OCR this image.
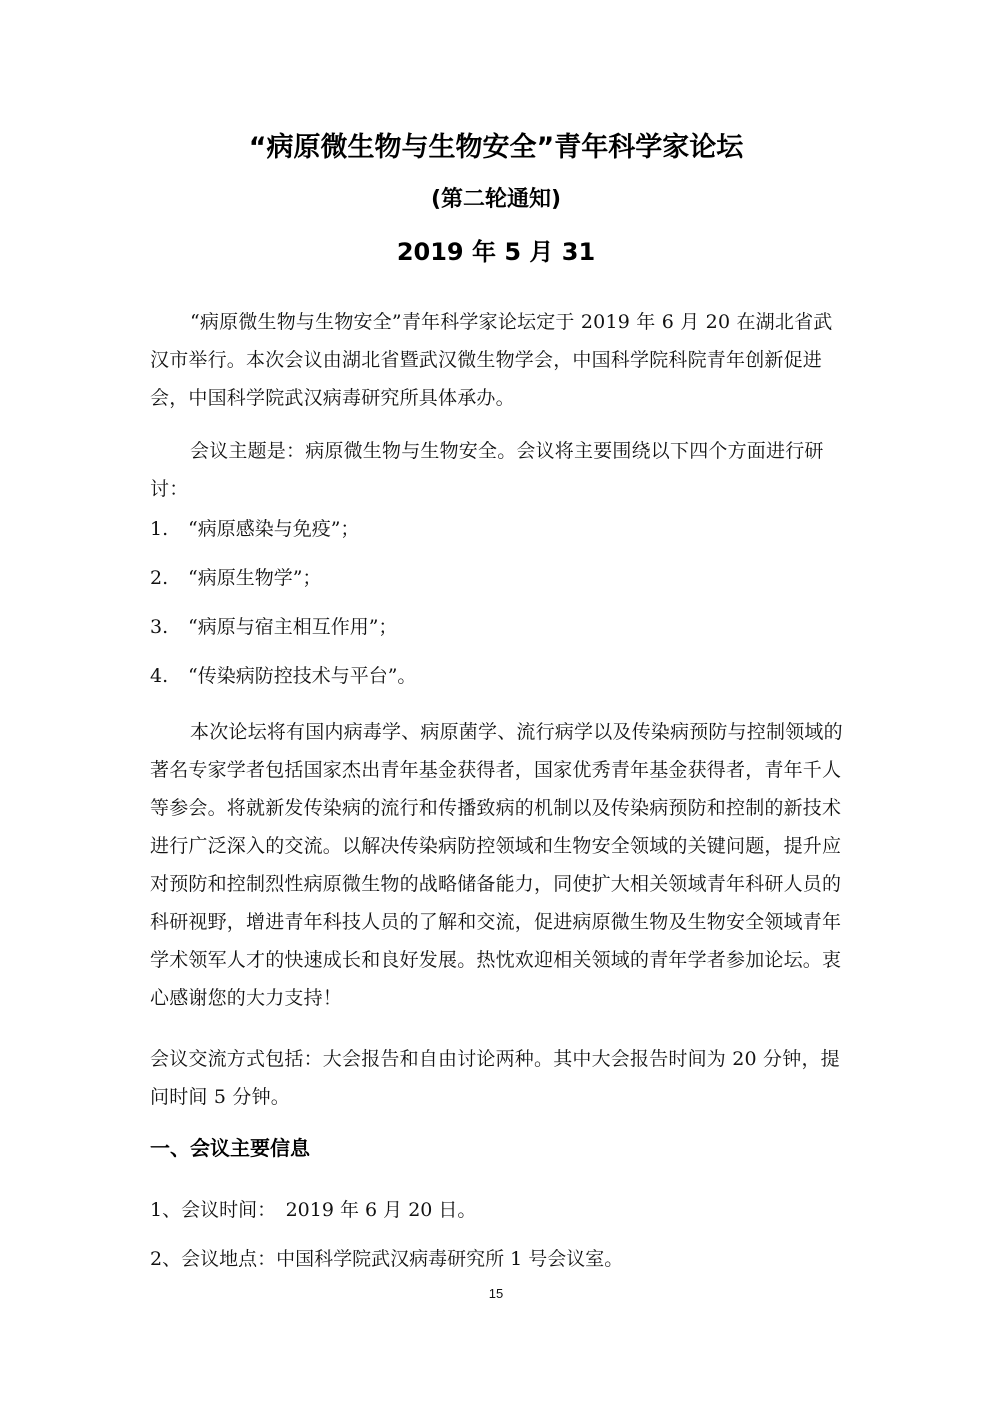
“病原微生物与生物安全”青年科学家论坛
(第二轮通知)
2019 年 5 月 31

“病原微生物与生物安全”青年科学家论坛定于 2019 年 6 月 20 在湖北省武汉市举行。本次会议由湖北省暨武汉微生物学会，中国科学院科院青年创新促进会，中国科学院武汉病毒研究所具体承办。

会议主题是：病原微生物与生物安全。会议将主要围绕以下四个方面进行研讨：

1.	“病原感染与免疫”；
2.	“病原生物学”；
3.	“病原与宿主相互作用”；
4.	“传染病防控技术与平台”。

本次论坛将有国内病毒学、病原菌学、流行病学以及传染病预防与控制领域的著名专家学者包括国家杰出青年基金获得者，国家优秀青年基金获得者，青年千人等参会。将就新发传染病的流行和传播致病的机制以及传染病预防和控制的新技术进行广泛深入的交流。以解决传染病防控领域和生物安全领域的关键问题，提升应对预防和控制烈性病原微生物的战略储备能力，同使扩大相关领域青年科研人员的科研视野，增进青年科技人员的了解和交流，促进病原微生物及生物安全领域青年学术领军人才的快速成长和良好发展。热忱欢迎相关领域的青年学者参加论坛。衷心感谢您的大力支持！

会议交流方式包括：大会报告和自由讨论两种。其中大会报告时间为 20 分钟，提问时间 5 分钟。

一、会议主要信息
1、会议时间：　2019 年 6 月 20 日。
2、会议地点：中国科学院武汉病毒研究所 1 号会议室。
15
